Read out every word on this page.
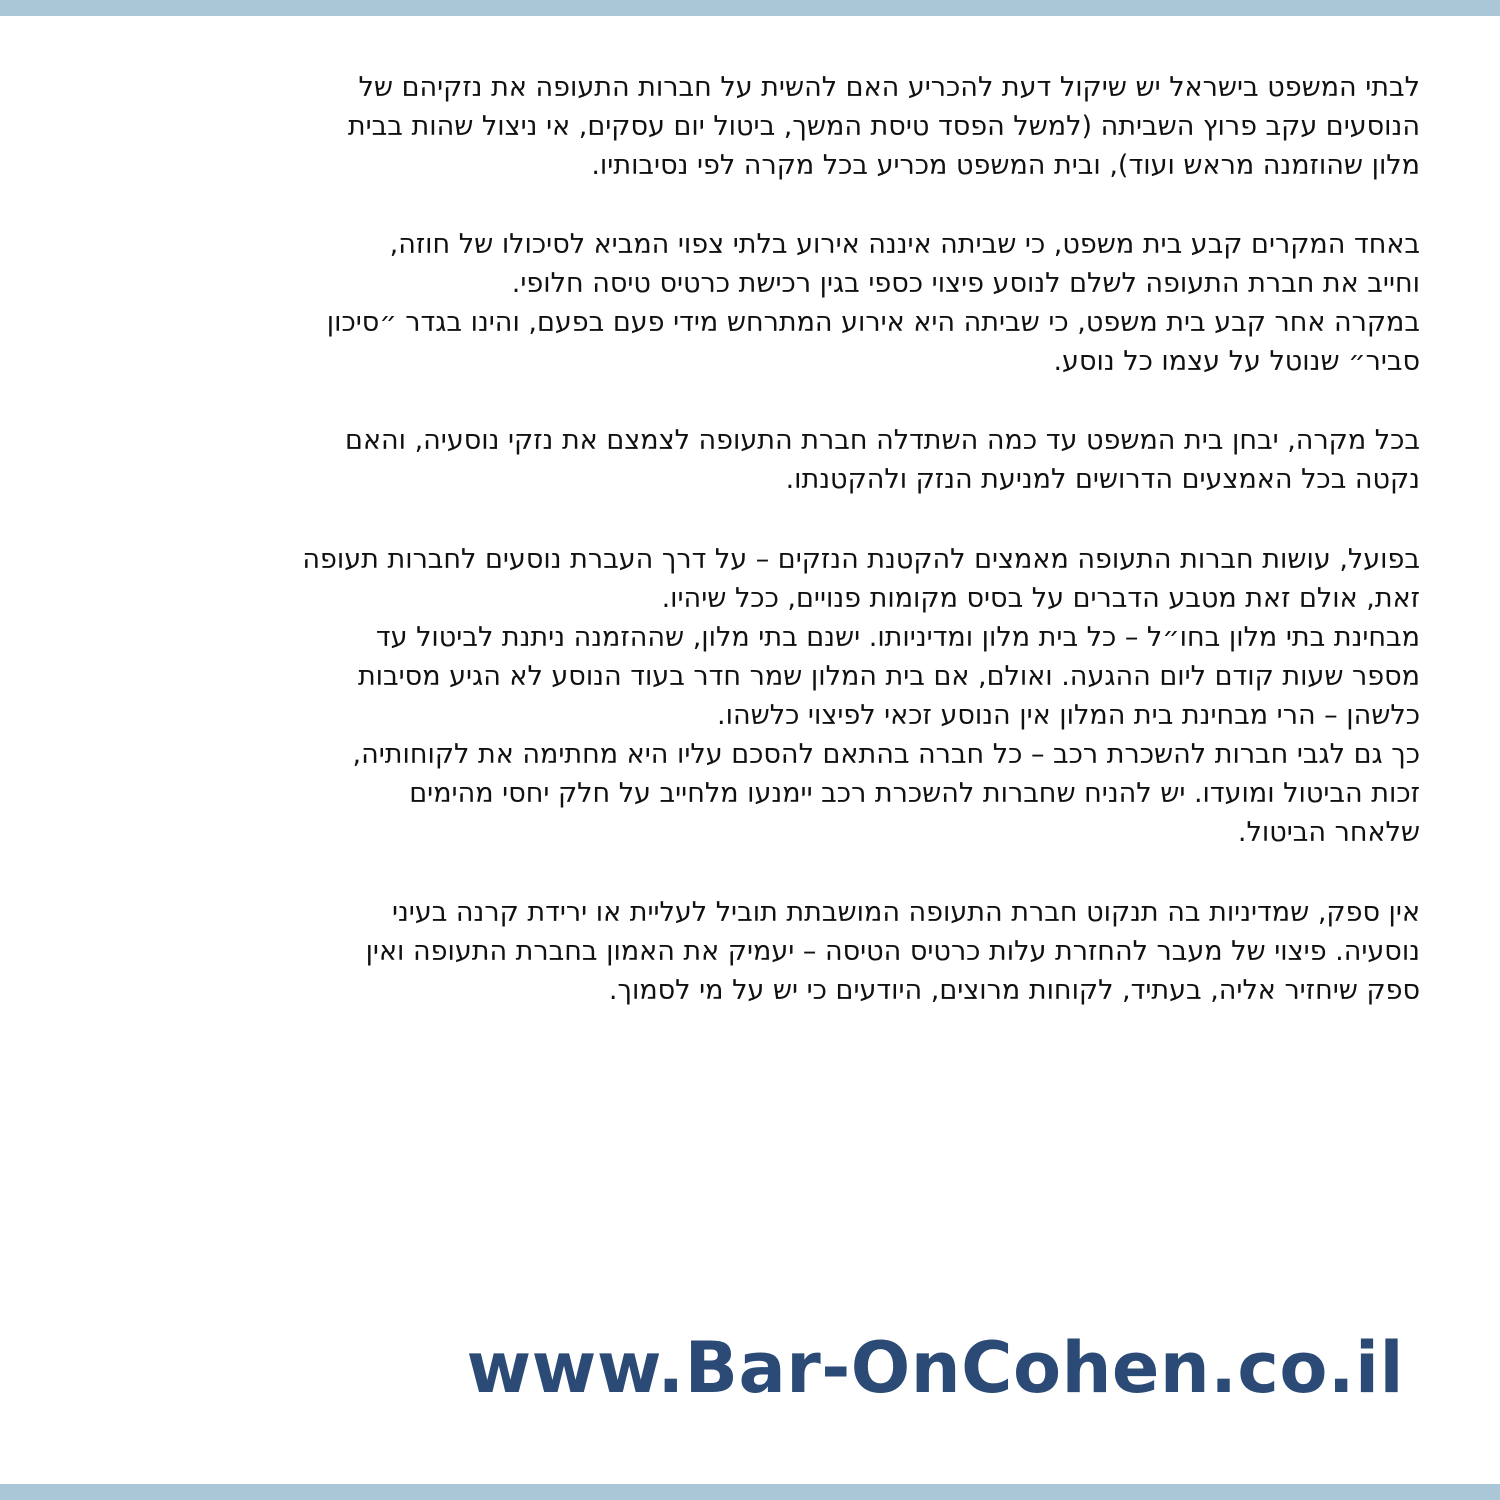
לבתי המשפט בישראל יש שיקול דעת להכריע האם להשית על חברות התעופה את נזקיהם של
הנוסעים עקב פרוץ השביתה (למשל הפסד טיסת המשך, ביטול יום עסקים, אי ניצול שהות בבית
מלון שהוזמנה מראש ועוד), ובית המשפט מכריע בכל מקרה לפי נסיבותיו.
באחד המקרים קבע בית משפט, כי שביתה איננה אירוע בלתי צפוי המביא לסיכולו של חוזה,
וחייב את חברת התעופה לשלם לנוסע פיצוי כספי בגין רכישת כרטיס טיסה חלופי.
במקרה אחר קבע בית משפט, כי שביתה היא אירוע המתרחש מידי פעם בפעם, והינו בגדר ״סיכון
סביר״ שנוטל על עצמו כל נוסע.
בכל מקרה, יבחן בית המשפט עד כמה השתדלה חברת התעופה לצמצם את נזקי נוסעיה, והאם
נקטה בכל האמצעים הדרושים למניעת הנזק ולהקטנתו.
בפועל, עושות חברות התעופה מאמצים להקטנת הנזקים – על דרך העברת נוסעים לחברות תעופה
זאת, אולם זאת מטבע הדברים על בסיס מקומות פנויים, ככל שיהיו.
מבחינת בתי מלון בחו״ל – כל בית מלון ומדיניותו. ישנם בתי מלון, שההזמנה ניתנת לביטול עד
מספר שעות קודם ליום ההגעה. ואולם, אם בית המלון שמר חדר בעוד הנוסע לא הגיע מסיבות
כלשהן – הרי מבחינת בית המלון אין הנוסע זכאי לפיצוי כלשהו.
כך גם לגבי חברות להשכרת רכב – כל חברה בהתאם להסכם עליו היא מחתימה את לקוחותיה,
זכות הביטול ומועדו. יש להניח שחברות להשכרת רכב יימנעו מלחייב על חלק יחסי מהימים
שלאחר הביטול.
אין ספק, שמדיניות בה תנקוט חברת התעופה המושבתת תוביל לעליית או ירידת קרנה בעיני
נוסעיה. פיצוי של מעבר להחזרת עלות כרטיס הטיסה – יעמיק את האמון בחברת התעופה ואין
ספק שיחזיר אליה, בעתיד, לקוחות מרוצים, היודעים כי יש על מי לסמוך.
www.Bar-OnCohen.co.il
